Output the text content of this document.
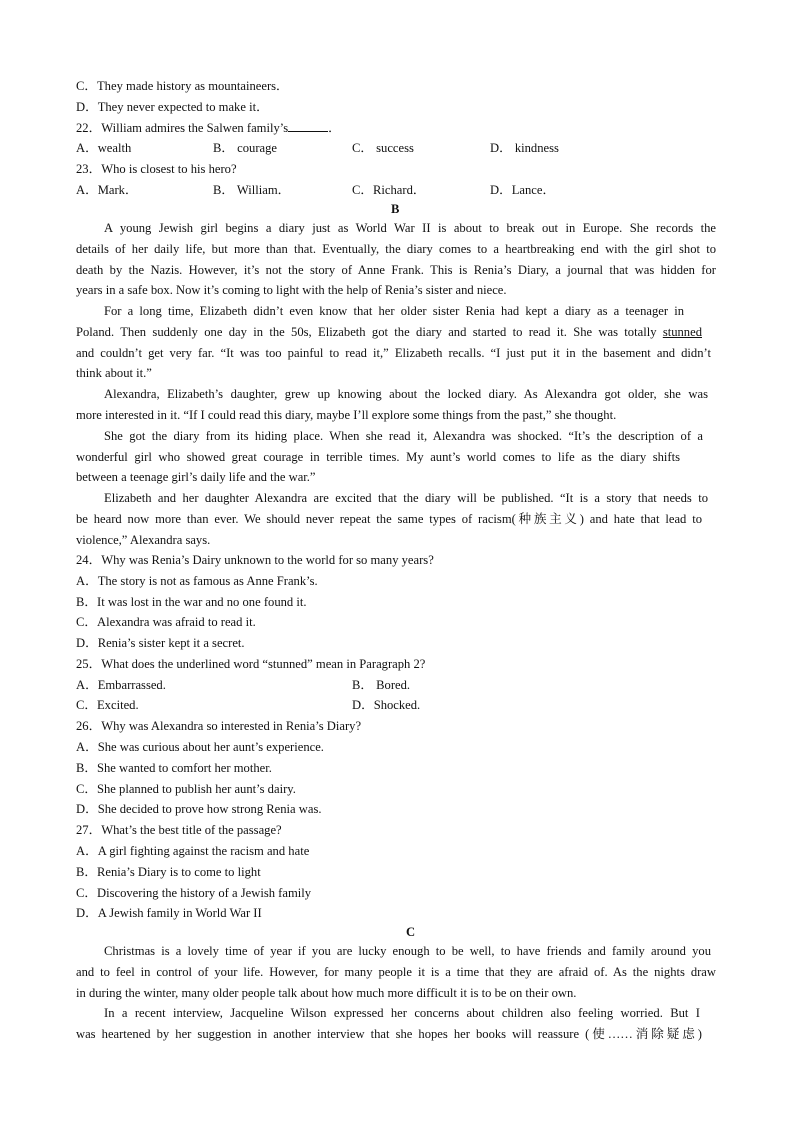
C．They made history as mountaineers．
D．They never expected to make it．
22．William admires the Salwen family’s	．
A．wealth	B． courage	C． success	D． kindness
23．Who is closest to his hero?
A．Mark．	B． William．	C．Richard．	D．Lance．
B
A young Jewish girl begins a diary just as World War II is about to break out in Europe. She records the
details of her daily life, but more than that. Eventually, the diary comes to a heartbreaking end with the girl shot to
death by the Nazis. However, it’s not the story of Anne Frank. This is Renia’s Diary, a journal that was hidden for
years in a safe box. Now it’s coming to light with the help of Renia’s sister and niece.
For a long time, Elizabeth didn’t even know that her older sister Renia had kept a diary as a teenager in
Poland. Then suddenly one day in the 50s, Elizabeth got the diary and started to read it. She was totally stunned
and couldn’t get very far. “It was too painful to read it,” Elizabeth recalls. “I just put it in the basement and didn’t
think about it.”
Alexandra, Elizabeth’s daughter, grew up knowing about the locked diary. As Alexandra got older, she was
more interested in it. “If I could read this diary, maybe I’ll explore some things from the past,” she thought.
She got the diary from its hiding place. When she read it, Alexandra was shocked. “It’s the description of a
wonderful girl who showed great courage in terrible times. My aunt’s world comes to life as the diary shifts
between a teenage girl’s daily life and the war.”
Elizabeth and her daughter Alexandra are excited that the diary will be published. “It is a story that needs to
be heard now more than ever. We should never repeat the same types of racism(种族主义) and hate that lead to
violence,” Alexandra says.
24．Why was Renia’s Dairy unknown to the world for so many years?
A．The story is not as famous as Anne Frank’s.
B．It was lost in the war and no one found it.
C．Alexandra was afraid to read it.
D．Renia’s sister kept it a secret.
25．What does the underlined word “stunned” mean in Paragraph 2?
A．Embarrassed.	B． Bored.
C．Excited.	D．Shocked.
26．Why was Alexandra so interested in Renia’s Diary?
A．She was curious about her aunt’s experience.
B．She wanted to comfort her mother.
C．She planned to publish her aunt’s dairy.
D．She decided to prove how strong Renia was.
27．What’s the best title of the passage?
A．A girl fighting against the racism and hate
B．Renia’s Diary is to come to light
C．Discovering the history of a Jewish family
D．A Jewish family in World War II
C
Christmas is a lovely time of year if you are lucky enough to be well, to have friends and family around you
and to feel in control of your life. However, for many people it is a time that they are afraid of. As the nights draw
in during the winter, many older people talk about how much more difficult it is to be on their own.
In a recent interview, Jacqueline Wilson expressed her concerns about children also feeling worried. But I
was heartened by her suggestion in another interview that she hopes her books will reassure (使……消除疑虑)
